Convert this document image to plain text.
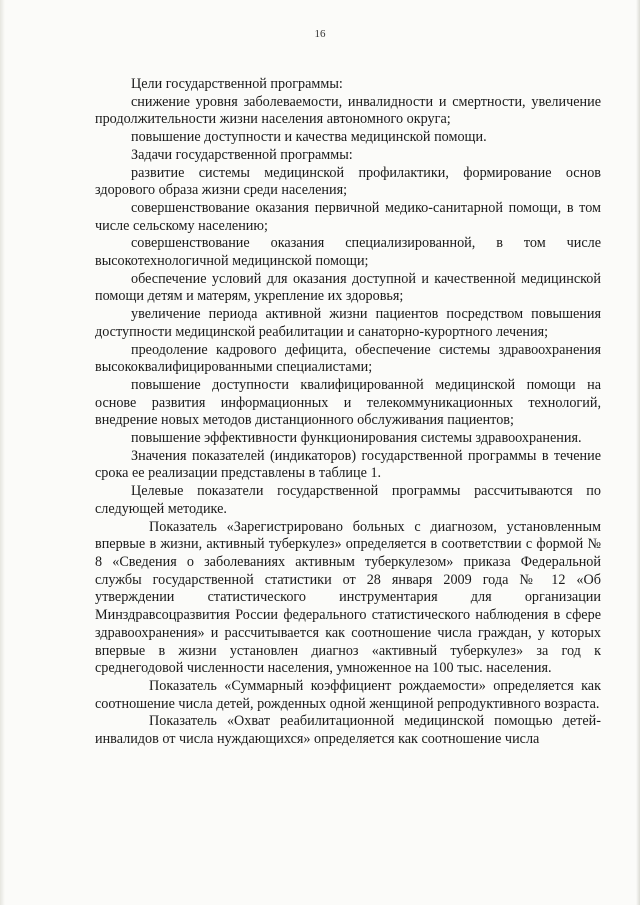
16

Цели государственной программы:

снижение уровня заболеваемости, инвалидности и смертности, увеличение продолжительности жизни населения автономного округа;

повышение доступности и качества медицинской помощи.

Задачи государственной программы:

развитие системы медицинской профилактики, формирование основ здорового образа жизни среди населения;

совершенствование оказания первичной медико-санитарной помощи, в том числе сельскому населению;

совершенствование оказания специализированной, в том числе высокотехнологичной медицинской помощи;

обеспечение условий для оказания доступной и качественной медицинской помощи детям и матерям, укрепление их здоровья;

увеличение периода активной жизни пациентов посредством повышения доступности медицинской реабилитации и санаторно-курортного лечения;

преодоление кадрового дефицита, обеспечение системы здравоохранения высококвалифицированными специалистами;

повышение доступности квалифицированной медицинской помощи на основе развития информационных и телекоммуникационных технологий, внедрение новых методов дистанционного обслуживания пациентов;

повышение эффективности функционирования системы здравоохранения.

Значения показателей (индикаторов) государственной программы в течение срока ее реализации представлены в таблице 1.

Целевые показатели государственной программы рассчитываются по следующей методике.

Показатель «Зарегистрировано больных с диагнозом, установленным впервые в жизни, активный туберкулез» определяется в соответствии с формой № 8 «Сведения о заболеваниях активным туберкулезом» приказа Федеральной службы государственной статистики от 28 января 2009 года № 12 «Об утверждении статистического инструментария для организации Минздравсоцразвития России федерального статистического наблюдения в сфере здравоохранения» и рассчитывается как соотношение числа граждан, у которых впервые в жизни установлен диагноз «активный туберкулез» за год к среднегодовой численности населения, умноженное на 100 тыс. населения.

Показатель «Суммарный коэффициент рождаемости» определяется как соотношение числа детей, рожденных одной женщиной репродуктивного возраста.

Показатель «Охват реабилитационной медицинской помощью детей-инвалидов от числа нуждающихся» определяется как соотношение числа
